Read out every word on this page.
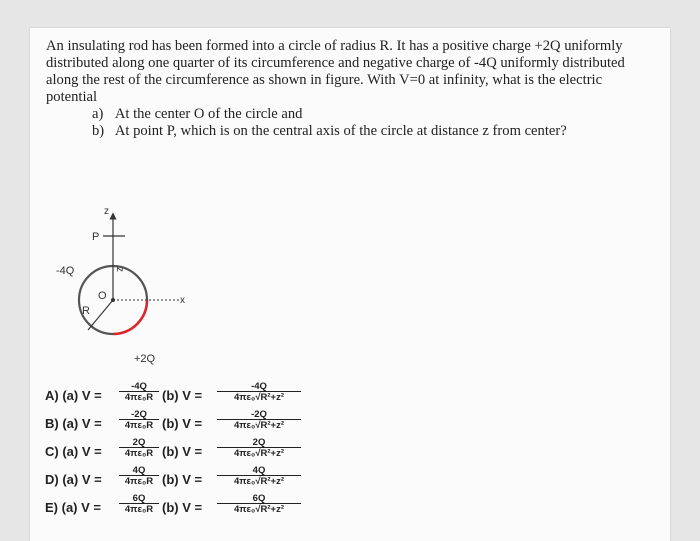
An insulating rod has been formed into a circle of radius R. It has a positive charge +2Q uniformly distributed along one quarter of its circumference and negative charge of -4Q uniformly distributed along the rest of the circumference as shown in figure. With V=0 at infinity, what is the electric potential

a) At the center O of the circle and
b) At point P, which is on the central axis of the circle at distance z from center?
z
P
-4Q	z
O
R
x
+2Q
A) (a) $V = \frac{-4Q}{\text{4πε₀R}} (b) V = \frac{-4Q}{\text{4πε₀√R²+z²}}$
B) (a) $V = \frac{-2Q}{\text{4πε₀R}} (b) V = \frac{-2Q}{\text{4πε₀√R²+z²}}$
C) (a) $V = \frac{2Q}{\text{4πε₀R}} (b) V = \frac{2Q}{\text{4πε₀√R²+z²}}$
D) (a) $V = \frac{4Q}{\text{4πε₀R}} (b) V = \frac{4Q}{\text{4πε₀√R²+z²}}$
E) (a) $V = \frac{6Q}{\text{4πε₀R}} (b) V = \frac{6Q}{\text{4πε₀√R²+z²}}$
